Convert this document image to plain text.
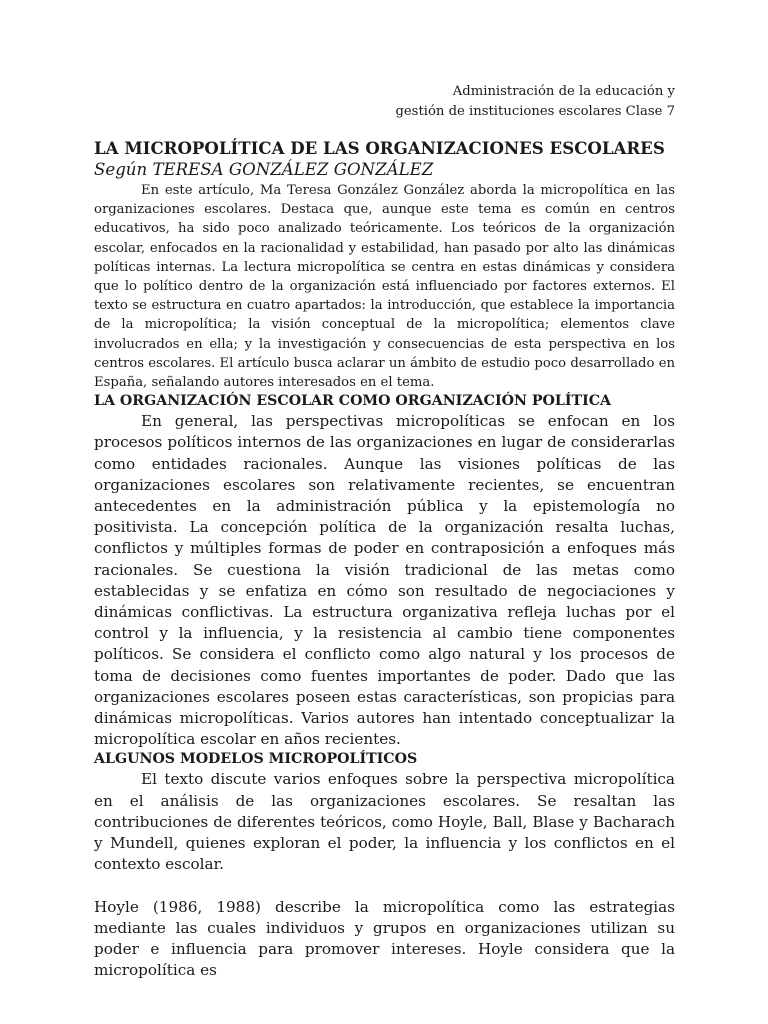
Administración de la educación y
gestión de instituciones escolares Clase 7
LA MICROPOLÍTICA DE LAS ORGANIZACIONES ESCOLARES
Según TERESA GONZÁLEZ GONZÁLEZ

En este artículo, Ma Teresa González González aborda la micropolítica en las organizaciones escolares. Destaca que, aunque este tema es común en centros educativos, ha sido poco analizado teóricamente. Los teóricos de la organización escolar, enfocados en la racionalidad y estabilidad, han pasado por alto las dinámicas políticas internas. La lectura micropolítica se centra en estas dinámicas y considera que lo político dentro de la organización está influenciado por factores externos. El texto se estructura en cuatro apartados: la introducción, que establece la importancia de la micropolítica; la visión conceptual de la micropolítica; elementos clave involucrados en ella; y la investigación y consecuencias de esta perspectiva en los centros escolares. El artículo busca aclarar un ámbito de estudio poco desarrollado en España, señalando autores interesados en el tema.

LA ORGANIZACIÓN ESCOLAR COMO ORGANIZACIÓN POLÍTICA

En general, las perspectivas micropolíticas se enfocan en los procesos políticos internos de las organizaciones en lugar de considerarlas como entidades racionales. Aunque las visiones políticas de las organizaciones escolares son relativamente recientes, se encuentran antecedentes en la administración pública y la epistemología no positivista. La concepción política de la organización resalta luchas, conflictos y múltiples formas de poder en contraposición a enfoques más racionales. Se cuestiona la visión tradicional de las metas como establecidas y se enfatiza en cómo son resultado de negociaciones y dinámicas conflictivas. La estructura organizativa refleja luchas por el control y la influencia, y la resistencia al cambio tiene componentes políticos. Se considera el conflicto como algo natural y los procesos de toma de decisiones como fuentes importantes de poder. Dado que las organizaciones escolares poseen estas características, son propicias para dinámicas micropolíticas. Varios autores han intentado conceptualizar la micropolítica escolar en años recientes.

ALGUNOS MODELOS MICROPOLÍTICOS

El texto discute varios enfoques sobre la perspectiva micropolítica en el análisis de las organizaciones escolares. Se resaltan las contribuciones de diferentes teóricos, como Hoyle, Ball, Blase y Bacharach y Mundell, quienes exploran el poder, la influencia y los conflictos en el contexto escolar.

Hoyle (1986, 1988) describe la micropolítica como las estrategias mediante las cuales individuos y grupos en organizaciones utilizan su poder e influencia para promover intereses. Hoyle considera que la micropolítica es
